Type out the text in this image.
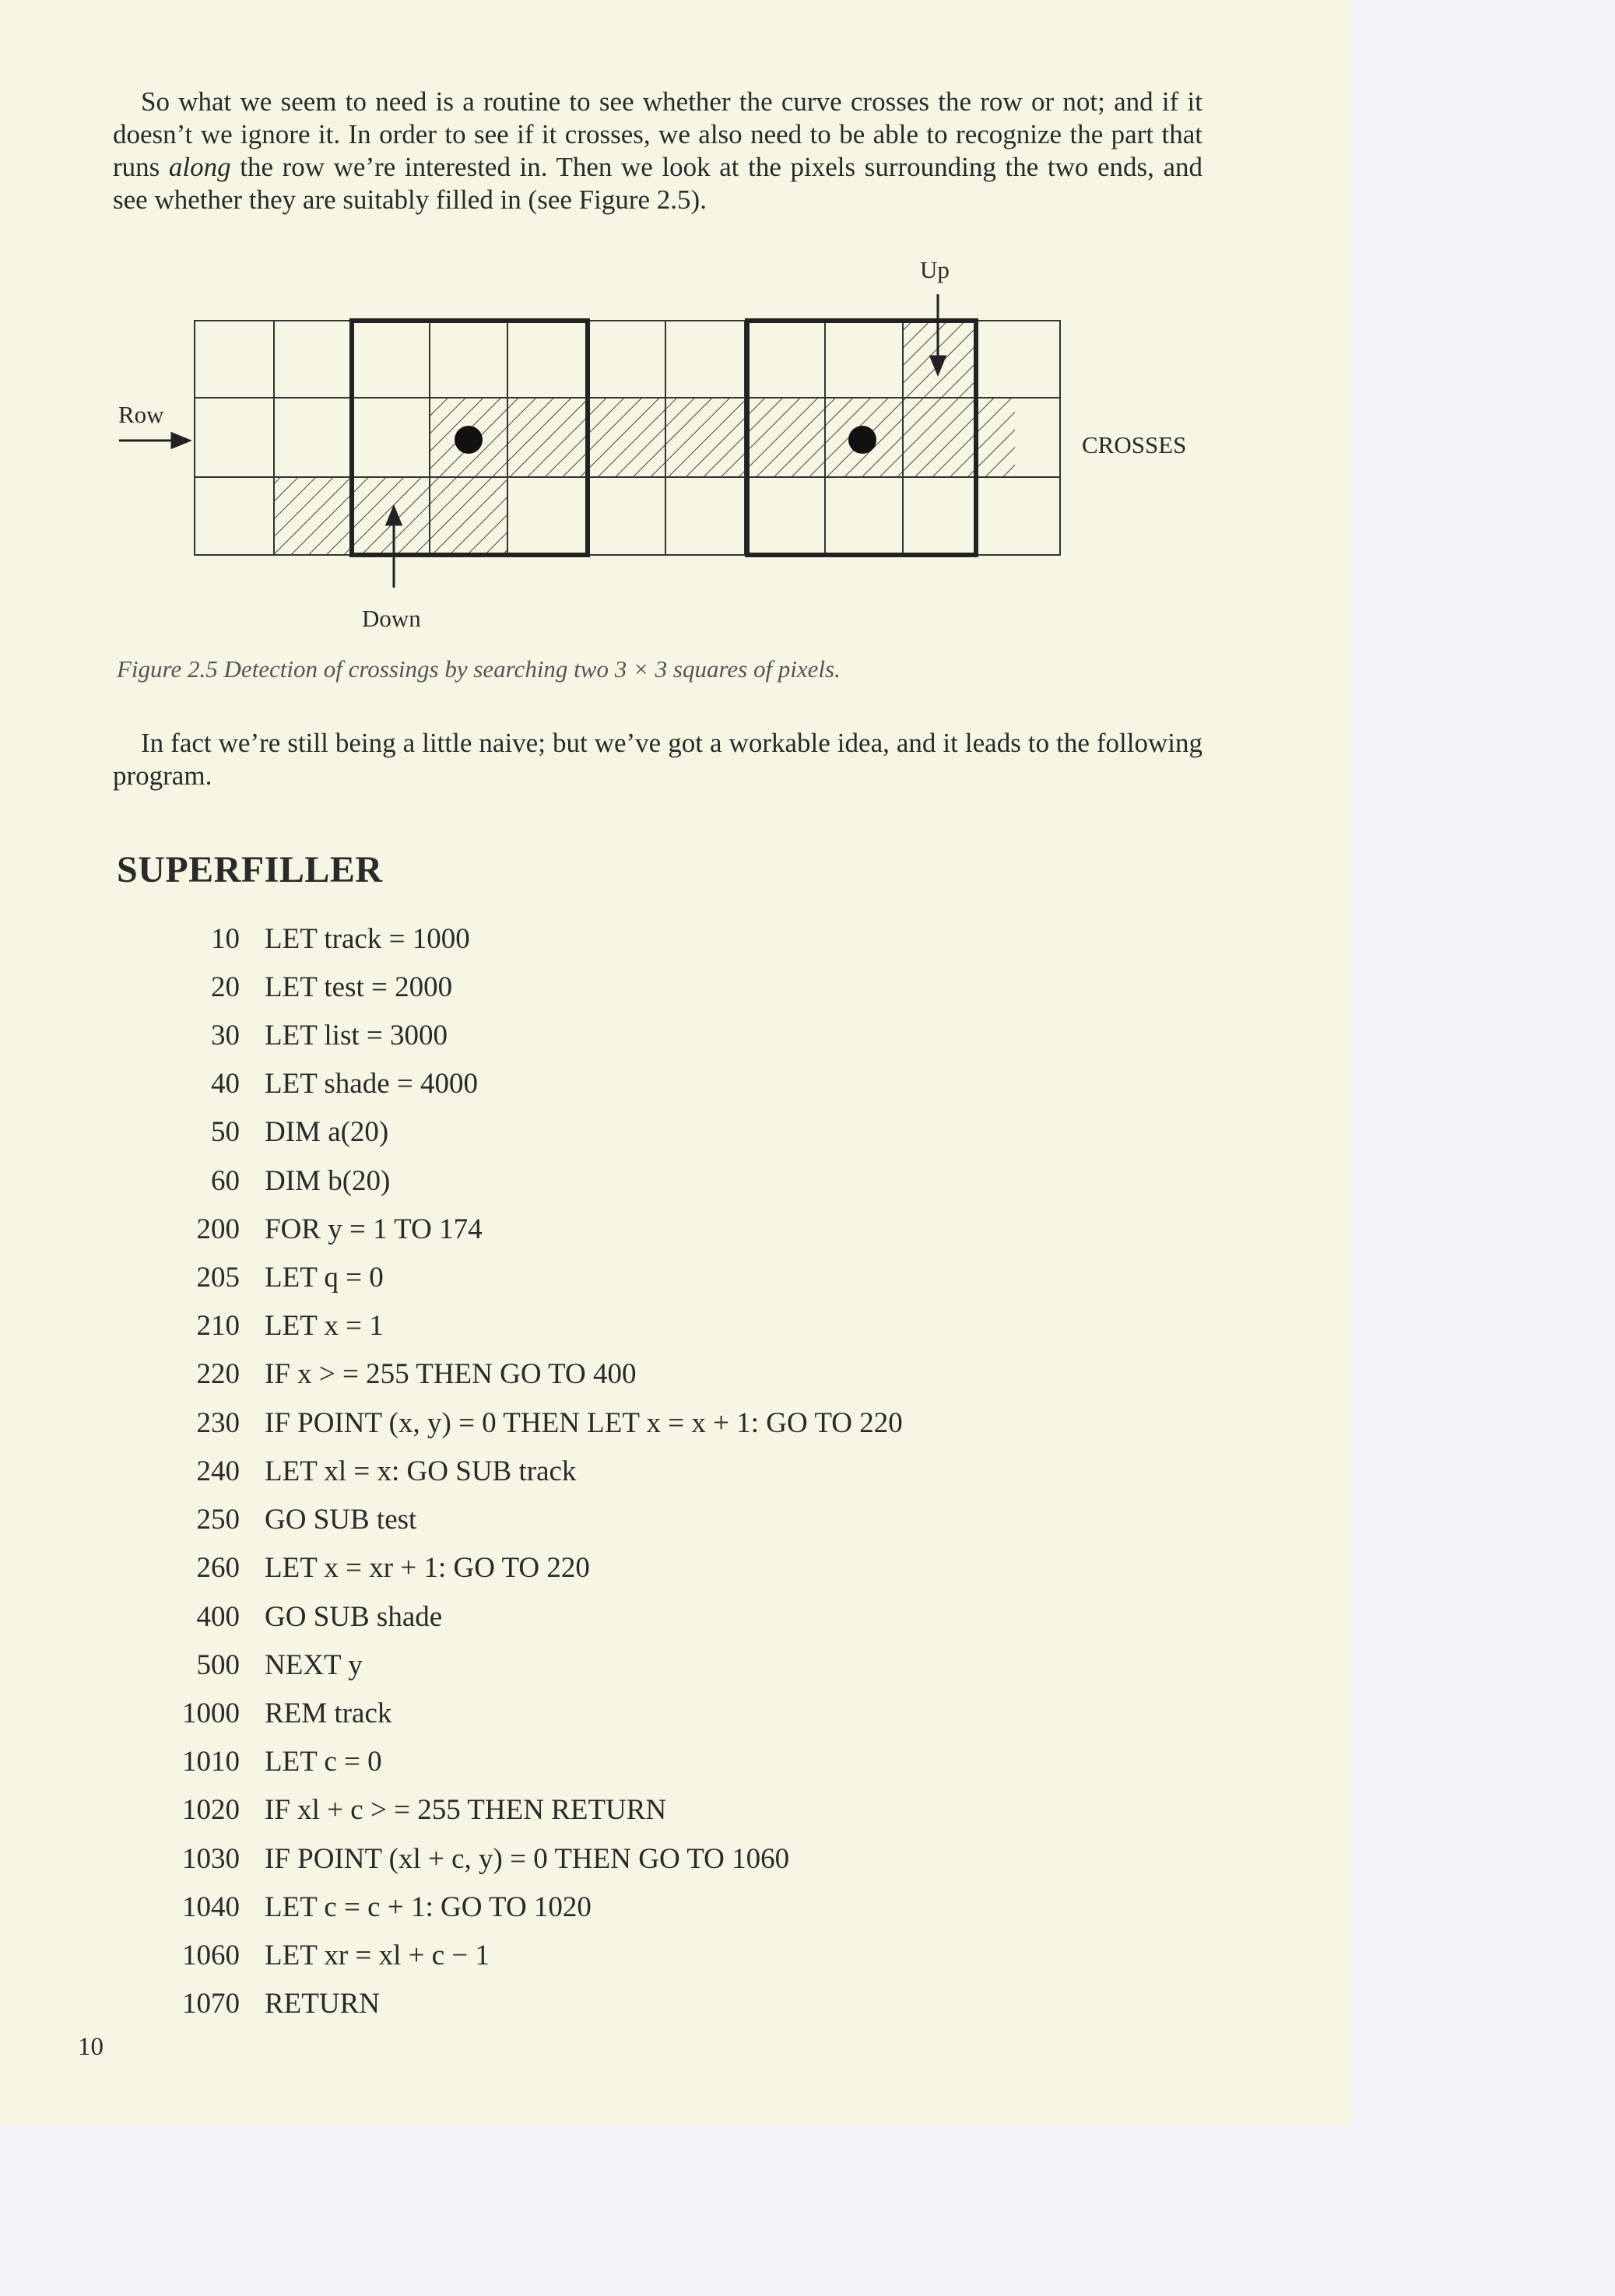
So what we seem to need is a routine to see whether the curve crosses the row or not; and if it doesn’t we ignore it. In order to see if it crosses, we also need to be able to recognize the part that runs along the row we’re interested in. Then we look at the pixels surrounding the two ends, and see whether they are suitably filled in (see Figure 2.5).

Up
Row
CROSSES
Down
Figure 2.5 Detection of crossings by searching two 3 × 3 squares of pixels.

In fact we’re still being a little naive; but we’ve got a workable idea, and it leads to the following program.

SUPERFILLER
10 LET track = 1000
20 LET test = 2000
30 LET list = 3000
40 LET shade = 4000
50 DIM a(20)
60 DIM b(20)
200 FOR y = 1 TO 174
205 LET q = 0
210 LET x = 1
220 IF x > = 255 THEN GO TO 400
230 IF POINT (x, y) = 0 THEN LET x = x + 1: GO TO 220
240 LET xl = x: GO SUB track
250 GO SUB test
260 LET x = xr + 1: GO TO 220
400 GO SUB shade
500 NEXT y
1000 REM track
1010 LET c = 0
1020 IF xl + c > = 255 THEN RETURN
1030 IF POINT (xl + c, y) = 0 THEN GO TO 1060
1040 LET c = c + 1: GO TO 1020
1060 LET xr = xl + c − 1
1070 RETURN
10
